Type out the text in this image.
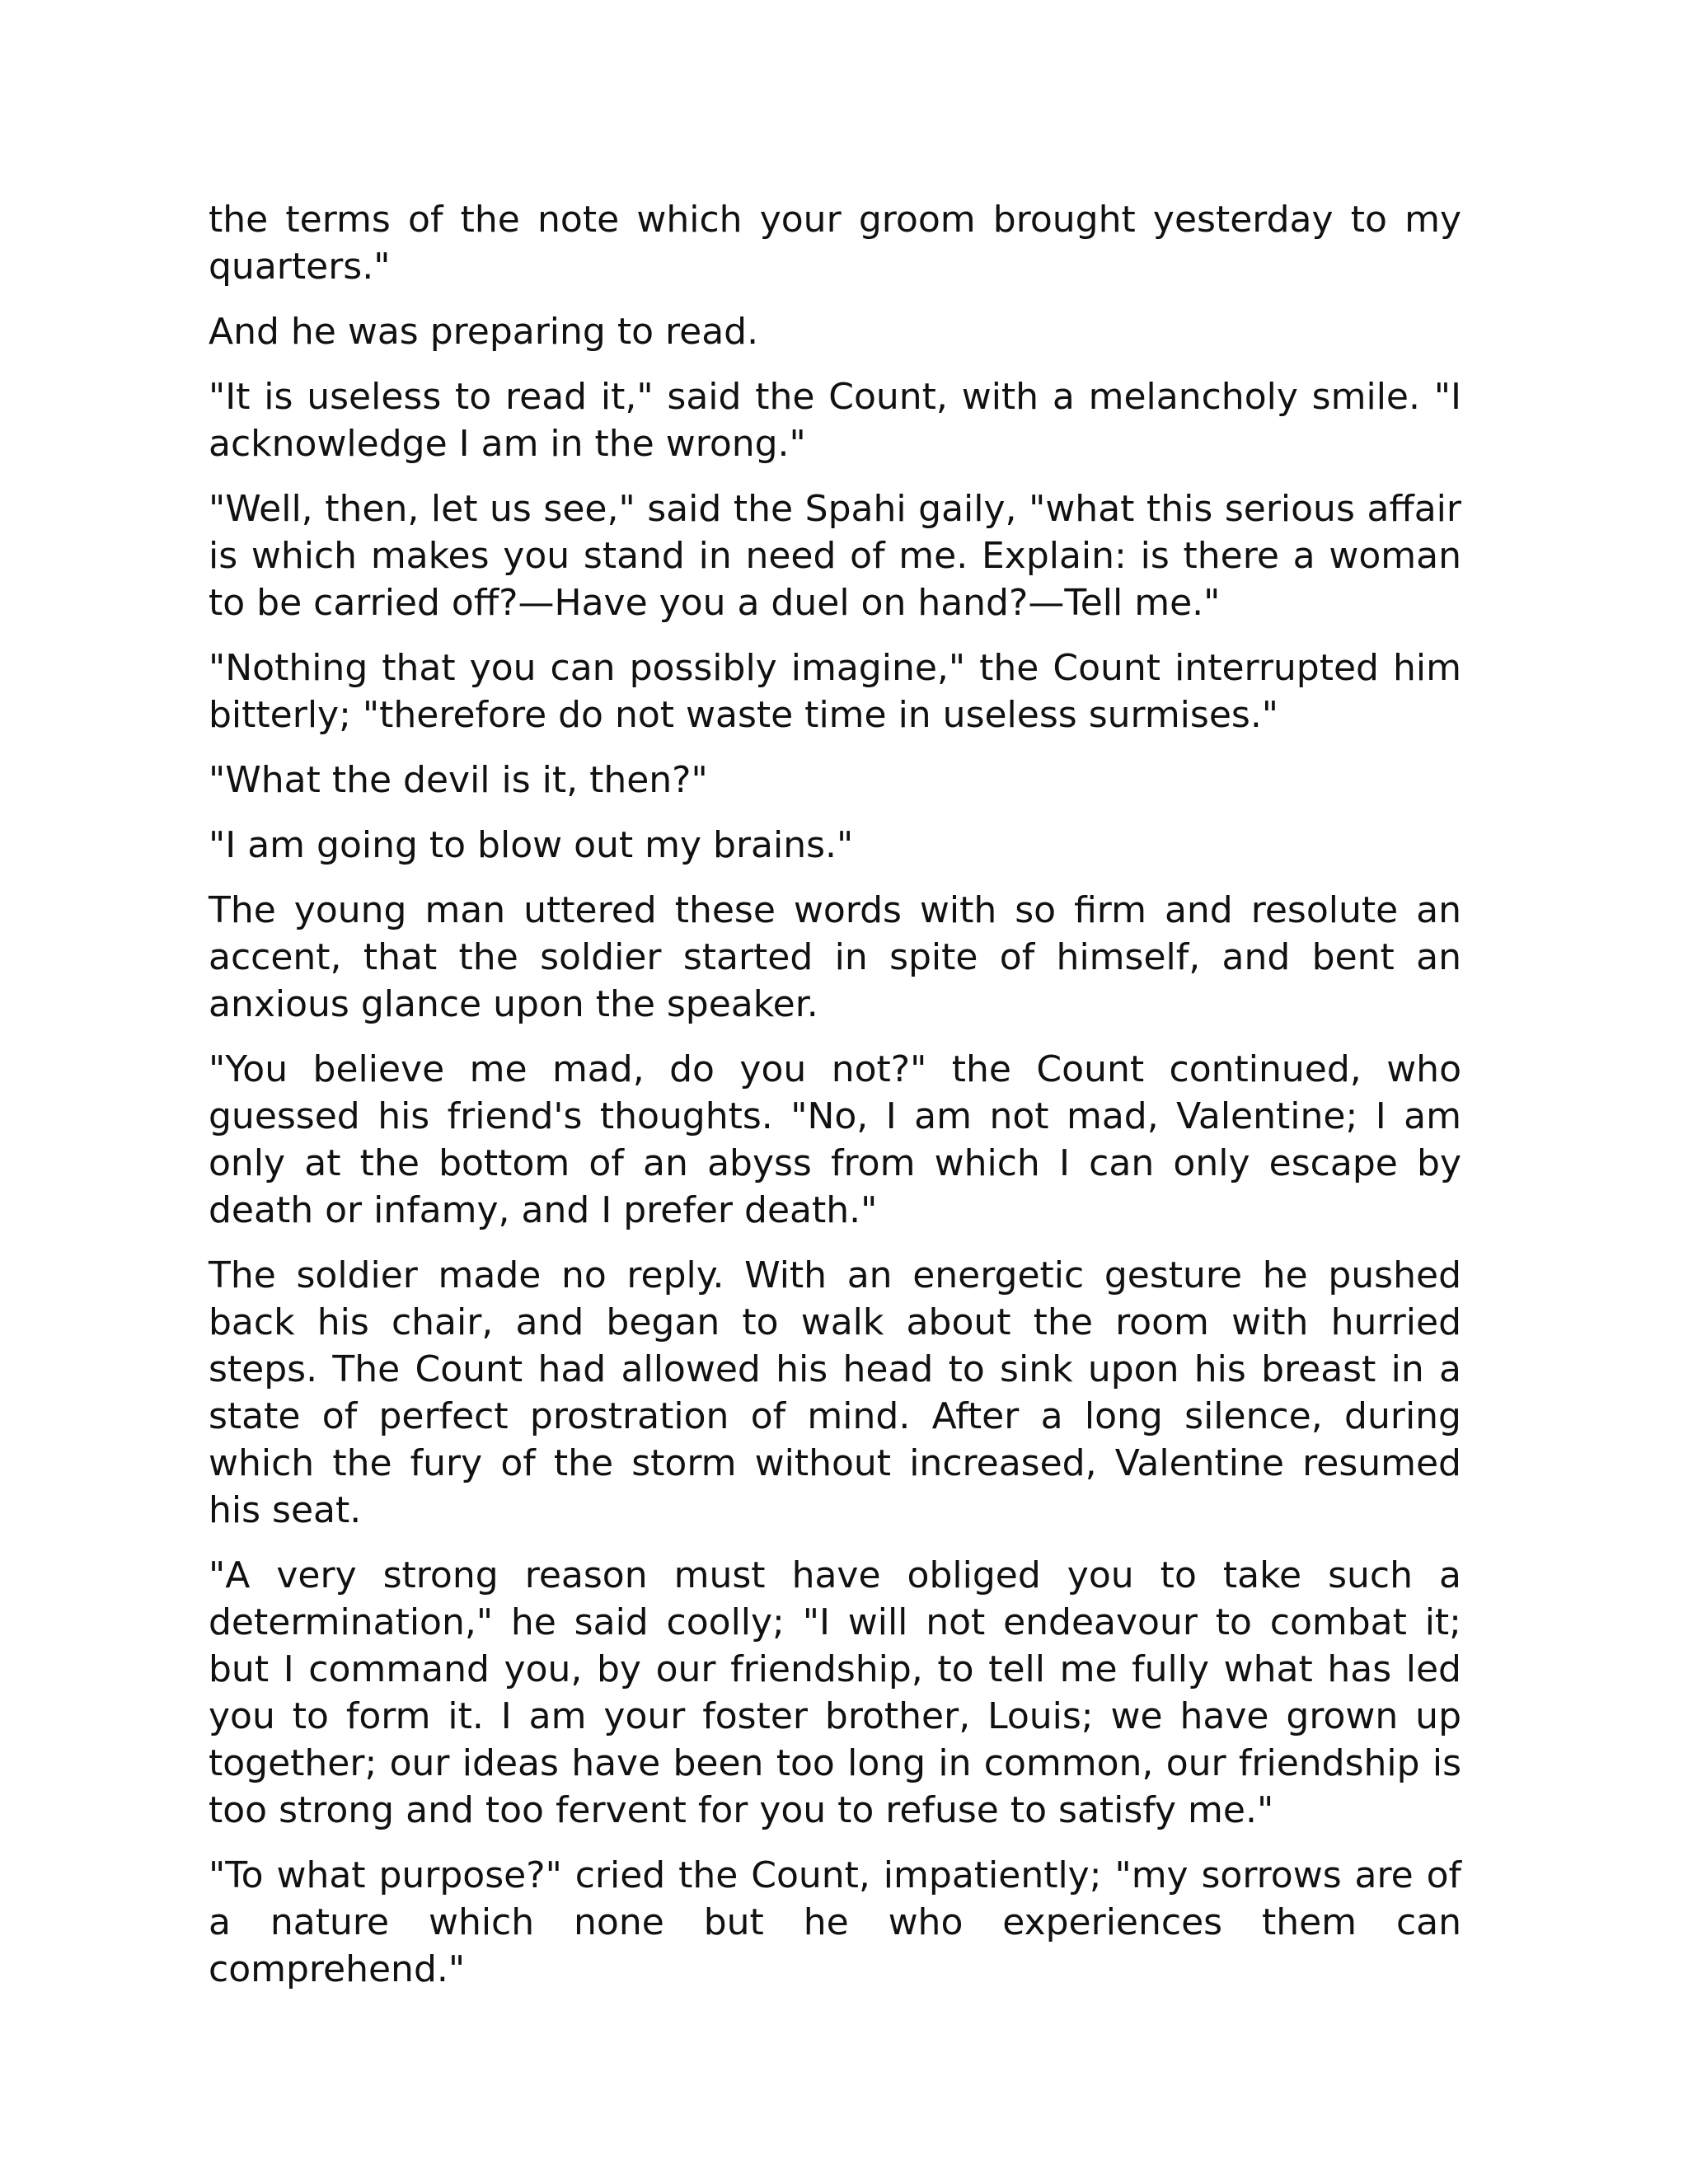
the terms of the note which your groom brought yesterday to my quarters."

And he was preparing to read.

"It is useless to read it," said the Count, with a melancholy smile. "I acknowledge I am in the wrong."

"Well, then, let us see," said the Spahi gaily, "what this serious affair is which makes you stand in need of me. Explain: is there a woman to be carried off?—Have you a duel on hand?—Tell me."

"Nothing that you can possibly imagine," the Count interrupted him bitterly; "therefore do not waste time in useless surmises."

"What the devil is it, then?"

"I am going to blow out my brains."

The young man uttered these words with so firm and resolute an accent, that the soldier started in spite of himself, and bent an anxious glance upon the speaker.

"You believe me mad, do you not?" the Count continued, who guessed his friend's thoughts. "No, I am not mad, Valentine; I am only at the bottom of an abyss from which I can only escape by death or infamy, and I prefer death."

The soldier made no reply. With an energetic gesture he pushed back his chair, and began to walk about the room with hurried steps. The Count had allowed his head to sink upon his breast in a state of perfect prostration of mind. After a long silence, during which the fury of the storm without increased, Valentine resumed his seat.

"A very strong reason must have obliged you to take such a determination," he said coolly; "I will not endeavour to combat it; but I command you, by our friendship, to tell me fully what has led you to form it. I am your foster brother, Louis; we have grown up together; our ideas have been too long in common, our friendship is too strong and too fervent for you to refuse to satisfy me."

"To what purpose?" cried the Count, impatiently; "my sorrows are of a nature which none but he who experiences them can comprehend."
